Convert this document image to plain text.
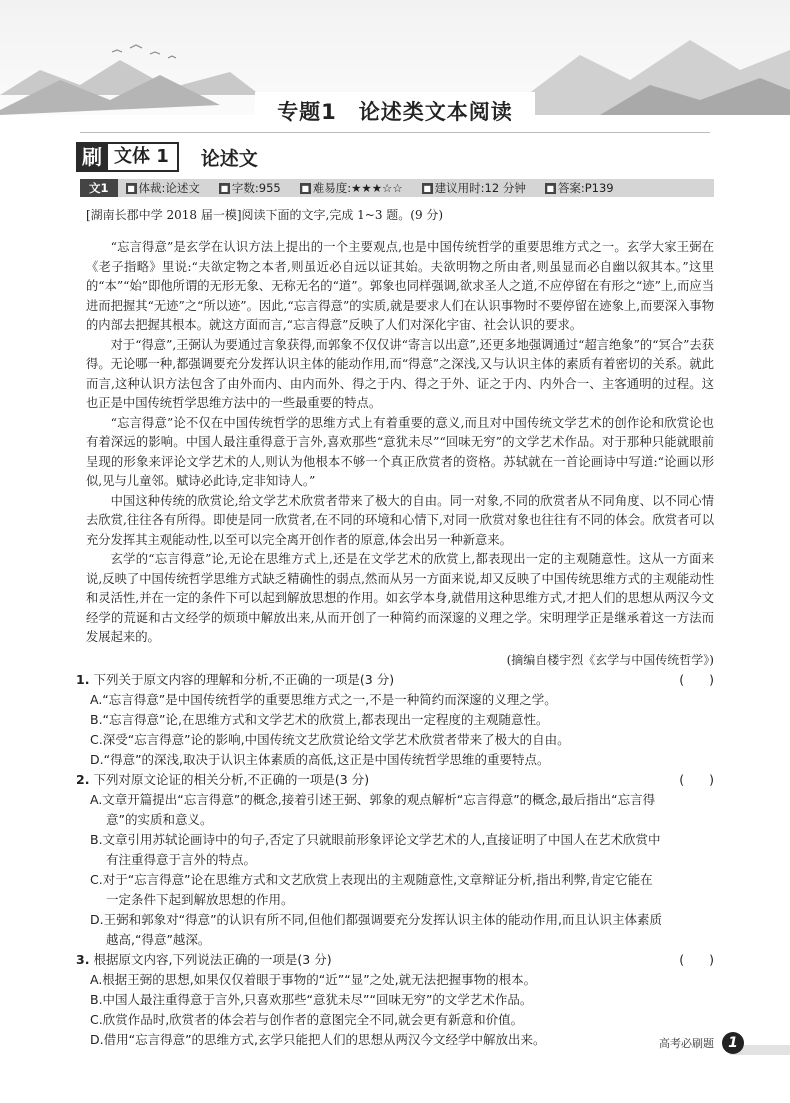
专题1　论述类文本阅读
刷 文体 1	论述文
文1	■ 体裁:论述文	■ 字数:955	■ 难易度:★★★☆☆	■ 建议用时:12 分钟	■ 答案:P139
[湖南长郡中学 2018 届一模]阅读下面的文字,完成 1~3 题。(9 分)

“忘言得意”是玄学在认识方法上提出的一个主要观点,也是中国传统哲学的重要思维方式之一。玄学大家王弼在《老子指略》里说:“夫欲定物之本者,则虽近必自远以证其始。夫欲明物之所由者,则虽显而必自幽以叙其本。”这里的“本”“始”即他所谓的无形无象、无称无名的“道”。郭象也同样强调,欲求圣人之道,不应停留在有形之“迹”上,而应当进而把握其“无迹”之“所以迹”。因此,“忘言得意”的实质,就是要求人们在认识事物时不要停留在迹象上,而要深入事物的内部去把握其根本。就这方面而言,“忘言得意”反映了人们对深化宇宙、社会认识的要求。

对于“得意”,王弼认为要通过言象获得,而郭象不仅仅讲“寄言以出意”,还更多地强调通过“超言绝象”的“冥合”去获得。无论哪一种,都强调要充分发挥认识主体的能动作用,而“得意”之深浅,又与认识主体的素质有着密切的关系。就此而言,这种认识方法包含了由外而内、由内而外、得之于内、得之于外、证之于内、内外合一、主客通明的过程。这也正是中国传统哲学思维方法中的一些最重要的特点。

“忘言得意”论不仅在中国传统哲学的思维方式上有着重要的意义,而且对中国传统文学艺术的创作论和欣赏论也有着深远的影响。中国人最注重得意于言外,喜欢那些“意犹未尽”“回味无穷”的文学艺术作品。对于那种只能就眼前呈现的形象来评论文学艺术的人,则认为他根本不够一个真正欣赏者的资格。苏轼就在一首论画诗中写道:“论画以形似,见与儿童邻。赋诗必此诗,定非知诗人。”

中国这种传统的欣赏论,给文学艺术欣赏者带来了极大的自由。同一对象,不同的欣赏者从不同角度、以不同心情去欣赏,往往各有所得。即使是同一欣赏者,在不同的环境和心情下,对同一欣赏对象也往往有不同的体会。欣赏者可以充分发挥其主观能动性,以至可以完全离开创作者的原意,体会出另一种新意来。

玄学的“忘言得意”论,无论在思维方式上,还是在文学艺术的欣赏上,都表现出一定的主观随意性。这从一方面来说,反映了中国传统哲学思维方式缺乏精确性的弱点,然而从另一方面来说,却又反映了中国传统思维方式的主观能动性和灵活性,并在一定的条件下可以起到解放思想的作用。如玄学本身,就借用这种思维方式,才把人们的思想从两汉今文经学的荒诞和古文经学的烦琐中解放出来,从而开创了一种简约而深邃的义理之学。宋明理学正是继承着这一方法而发展起来的。

(摘编自楼宇烈《玄学与中国传统哲学》)
1. 下列关于原文内容的理解和分析,不正确的一项是(3 分)	(　　)
A.“忘言得意”是中国传统哲学的重要思维方式之一,不是一种简约而深邃的义理之学。
B.“忘言得意”论,在思维方式和文学艺术的欣赏上,都表现出一定程度的主观随意性。
C.深受“忘言得意”论的影响,中国传统文艺欣赏论给文学艺术欣赏者带来了极大的自由。
D.“得意”的深浅,取决于认识主体素质的高低,这正是中国传统哲学思维的重要特点。
2. 下列对原文论证的相关分析,不正确的一项是(3 分)	(　　)
A.文章开篇提出“忘言得意”的概念,接着引述王弼、郭象的观点解析“忘言得意”的概念,最后指出“忘言得
意”的实质和意义。
B.文章引用苏轼论画诗中的句子,否定了只就眼前形象评论文学艺术的人,直接证明了中国人在艺术欣赏中
有注重得意于言外的特点。
C.对于“忘言得意”论在思维方式和文艺欣赏上表现出的主观随意性,文章辩证分析,指出利弊,肯定它能在
一定条件下起到解放思想的作用。
D.王弼和郭象对“得意”的认识有所不同,但他们都强调要充分发挥认识主体的能动作用,而且认识主体素质
越高,“得意”越深。
3. 根据原文内容,下列说法正确的一项是(3 分)	(　　)
A.根据王弼的思想,如果仅仅着眼于事物的“近”“显”之处,就无法把握事物的根本。
B.中国人最注重得意于言外,只喜欢那些“意犹未尽”“回味无穷”的文学艺术作品。
C.欣赏作品时,欣赏者的体会若与创作者的意图完全不同,就会更有新意和价值。
D.借用“忘言得意”的思维方式,玄学只能把人们的思想从两汉今文经学中解放出来。	高考必刷题	1
